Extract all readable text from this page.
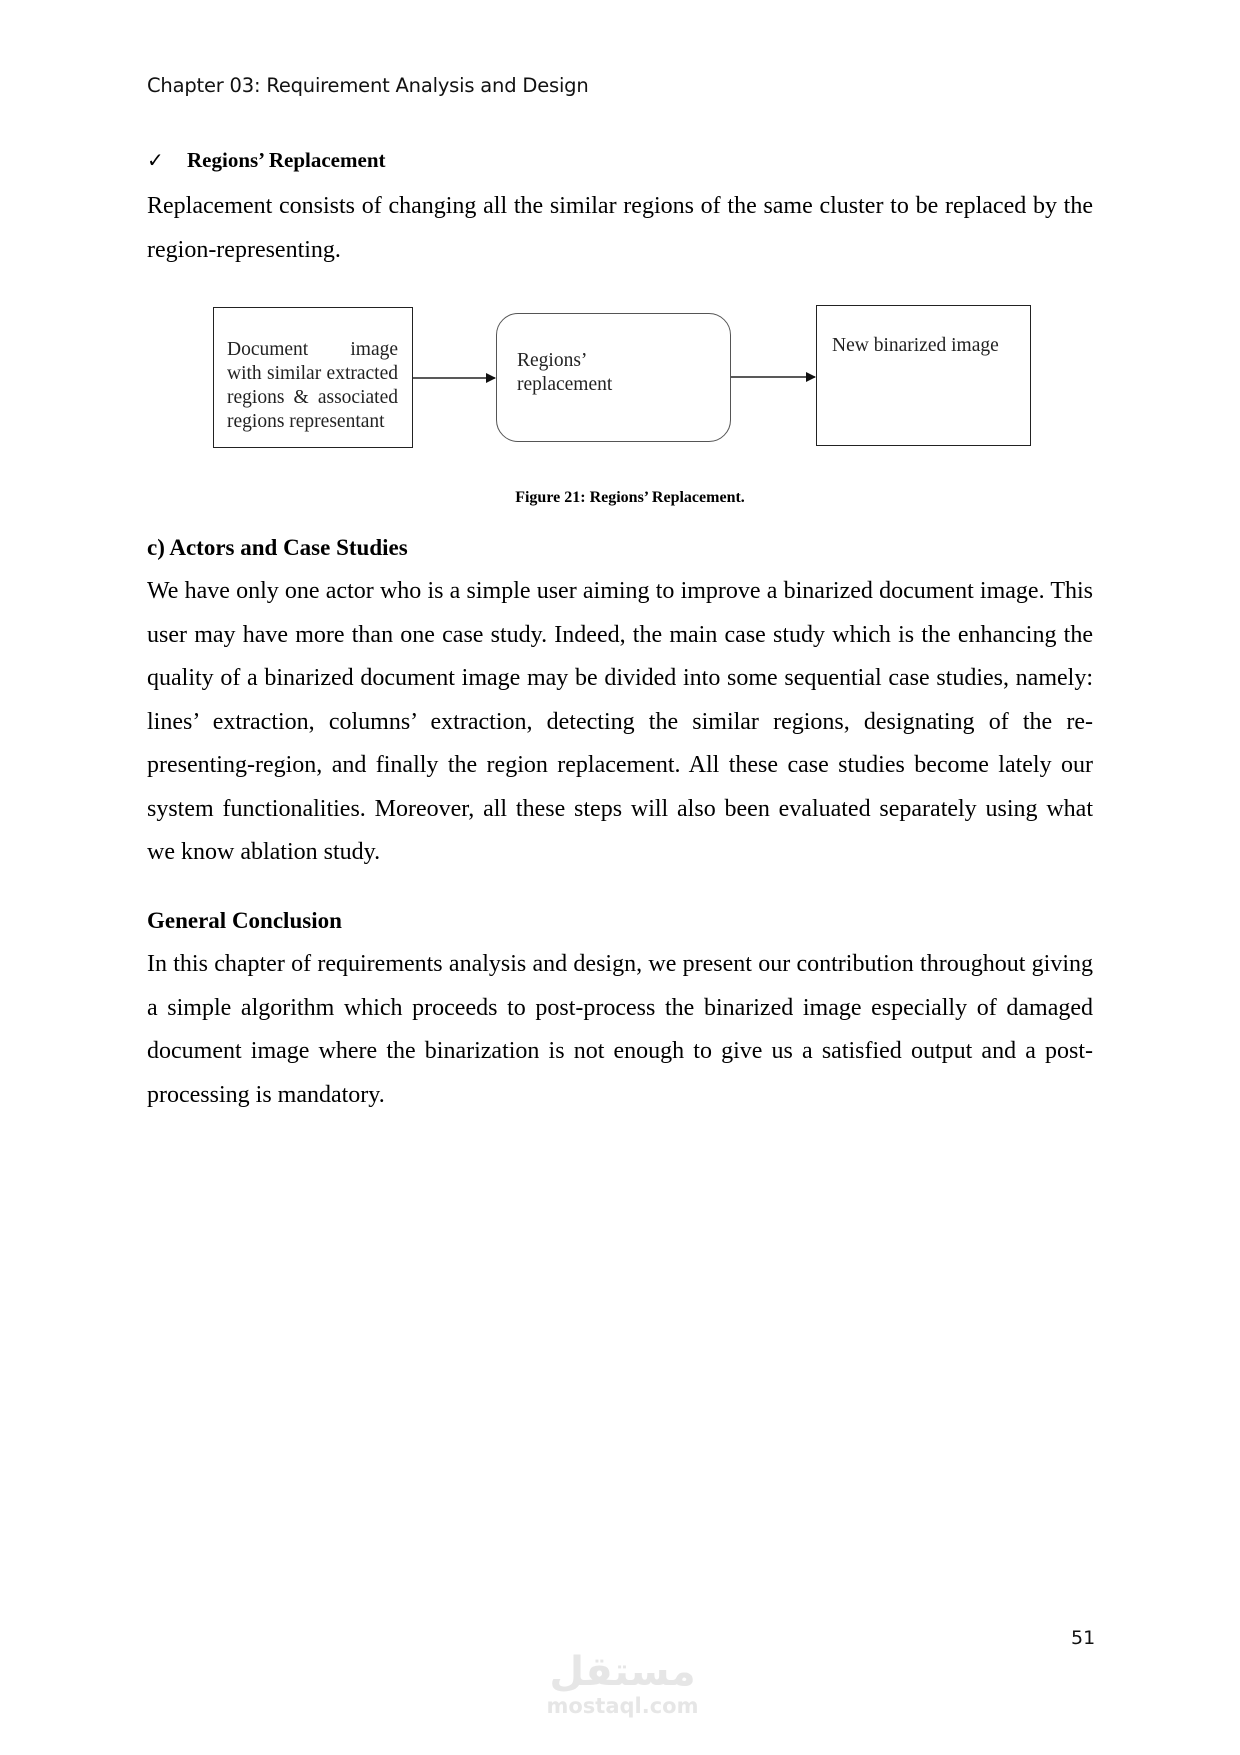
Chapter 03: Requirement Analysis and Design
✓	Regions’ Replacement

Replacement consists of changing all the similar regions of the same cluster to be replaced by the region-representing.

Document image
with similar extracted
regions & associated
regions representant
Regions’
replacement
New binarized image
Figure 21: Regions’ Replacement.
c) Actors and Case Studies

We have only one actor who is a simple user aiming to improve a binarized document image. This user may have more than one case study. Indeed, the main case study which is the enhancing the quality of a binarized document image may be divided into some sequential case studies, namely: lines’ extraction, columns’ extraction, detecting the similar regions, designating of the re-presenting-region, and finally the region replacement. All these case studies become lately our system functionalities. Moreover, all these steps will also been evaluated separately using what we know ablation study.

General Conclusion

In this chapter of requirements analysis and design, we present our contribution throughout giving a simple algorithm which proceeds to post-process the binarized image especially of damaged document image where the binarization is not enough to give us a satisfied output and a post-processing is mandatory.

51
مستقل
mostaql.com
